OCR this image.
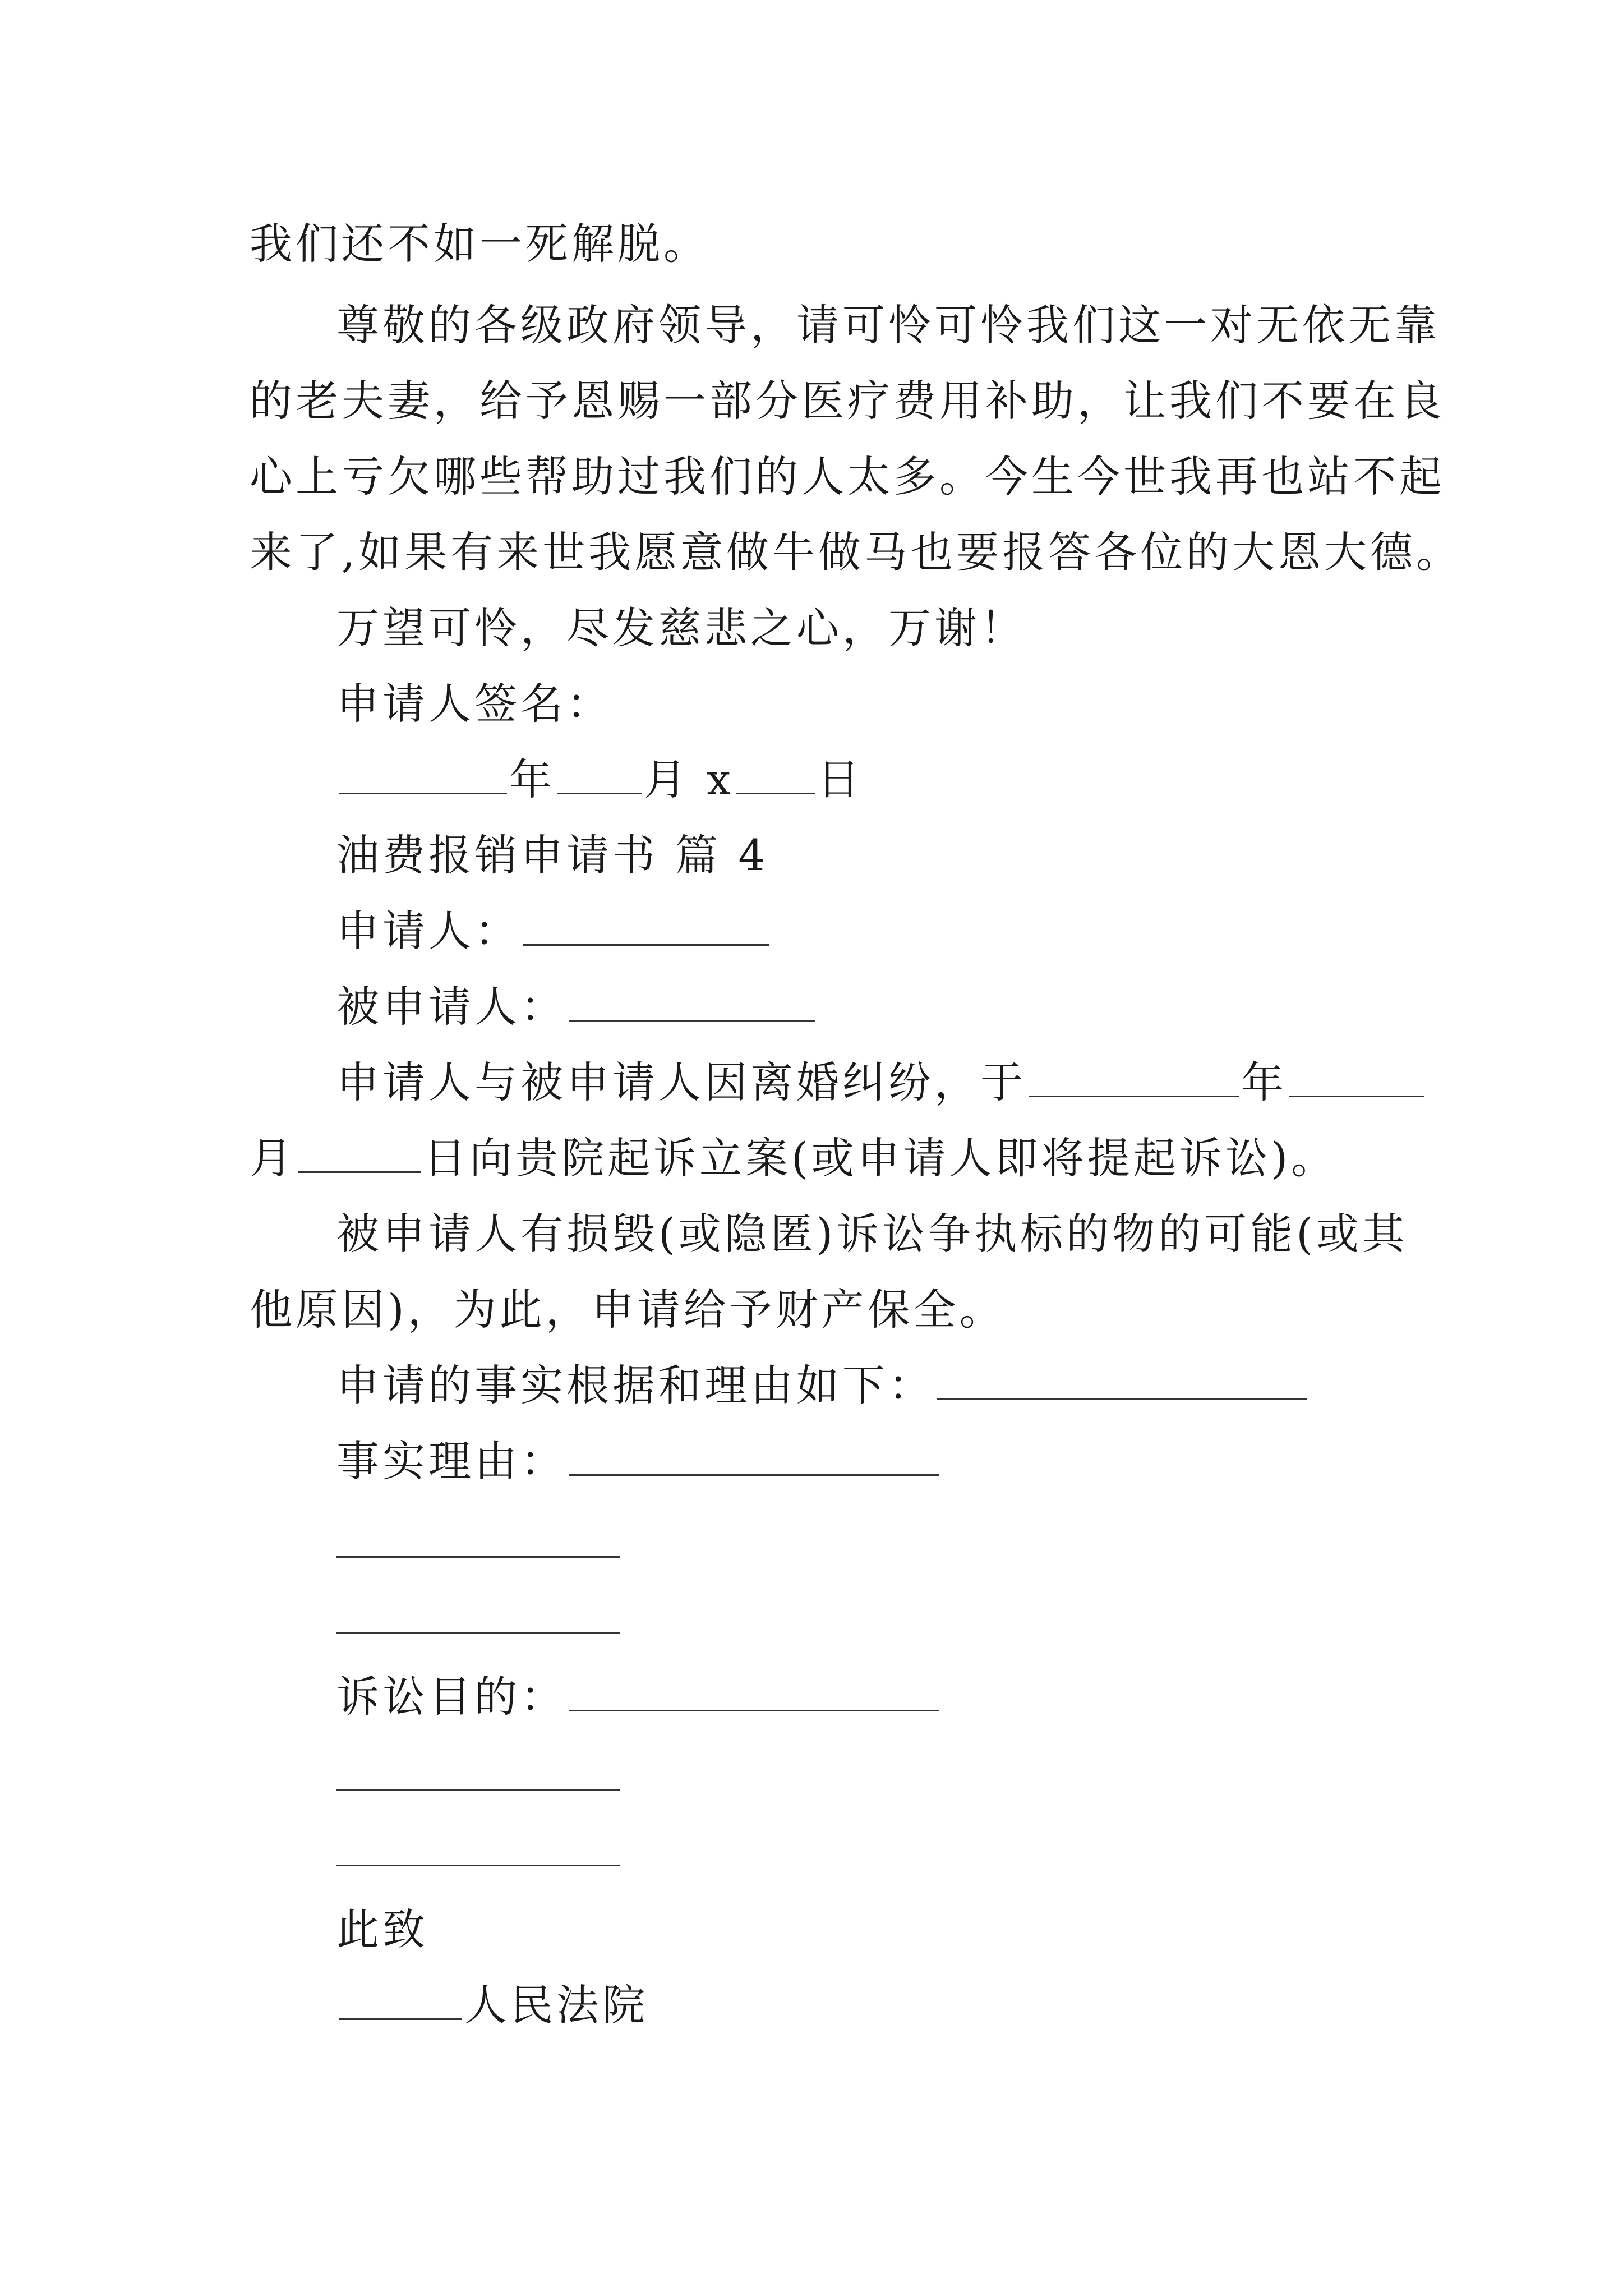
我们还不如一死解脱。
尊敬的各级政府领导，请可怜可怜我们这一对无依无靠
的老夫妻，给予恩赐一部分医疗费用补助，让我们不要在良
心上亏欠哪些帮助过我们的人太多。今生今世我再也站不起
来了,如果有来世我愿意做牛做马也要报答各位的大恩大德。
万望可怜，尽发慈悲之心，万谢！
申请人签名：
年 月 x 日
油费报销申请书 篇 4
申请人：
被申请人：
申请人与被申请人因离婚纠纷，于	年
月	日向贵院起诉立案(或申请人即将提起诉讼)。
被申请人有损毁(或隐匿)诉讼争执标的物的可能(或其
他原因)，为此，申请给予财产保全。
申请的事实根据和理由如下：
事实理由：
诉讼目的：
此致
人民法院
